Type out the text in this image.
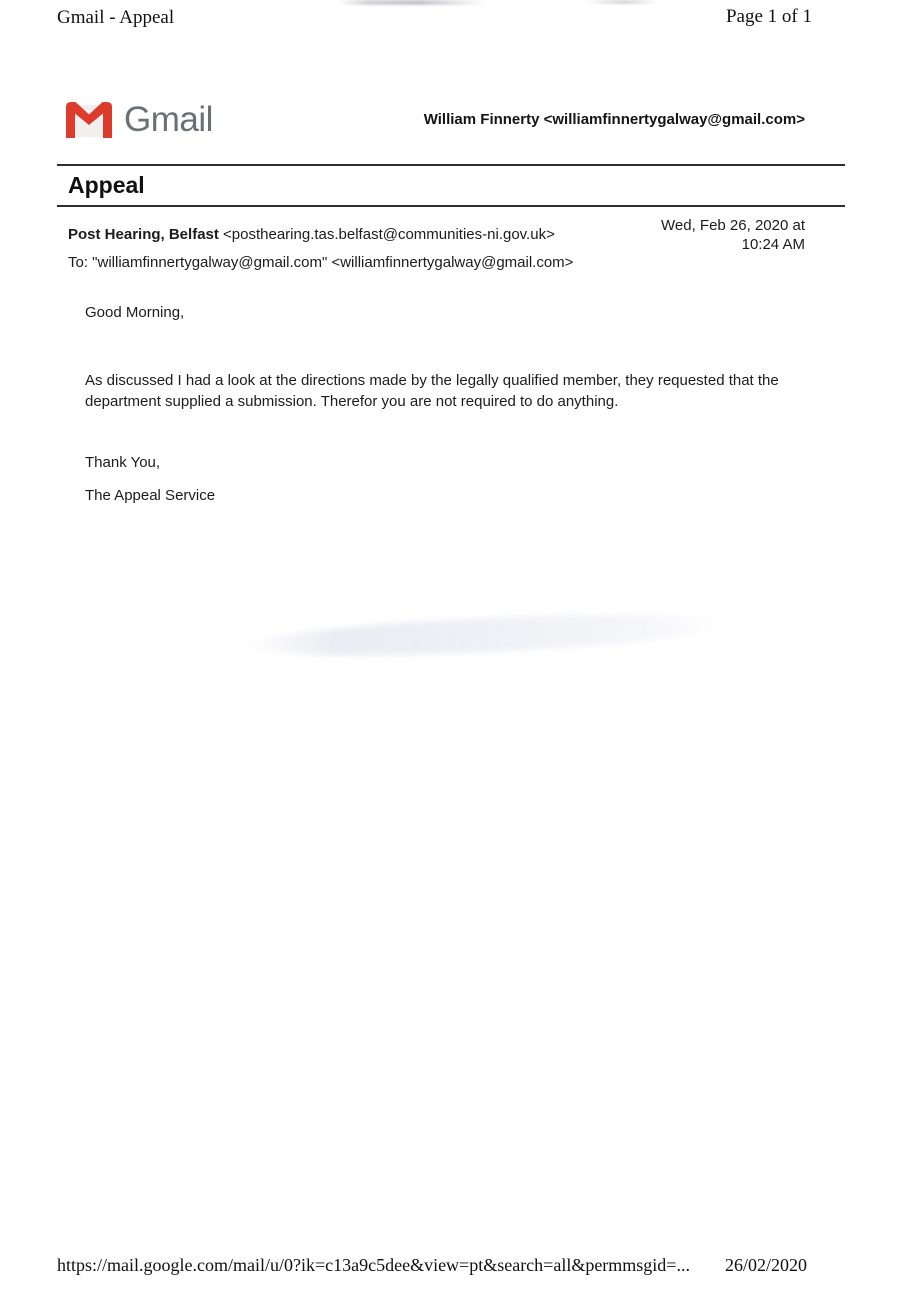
Gmail - Appeal	Page 1 of 1
Gmail	William Finnerty <williamfinnertygalway@gmail.com>
Appeal
Post Hearing, Belfast <posthearing.tas.belfast@communities-ni.gov.uk>
Wed, Feb 26, 2020 at
10:24 AM
To: "williamfinnertygalway@gmail.com" <williamfinnertygalway@gmail.com>
Good Morning,
As discussed I had a look at the directions made by the legally qualified member, they requested that the department supplied a submission. Therefor you are not required to do anything.
Thank You,
The Appeal Service
https://mail.google.com/mail/u/0?ik=c13a9c5dee&view=pt&search=all&permmsgid=... 26/02/2020
